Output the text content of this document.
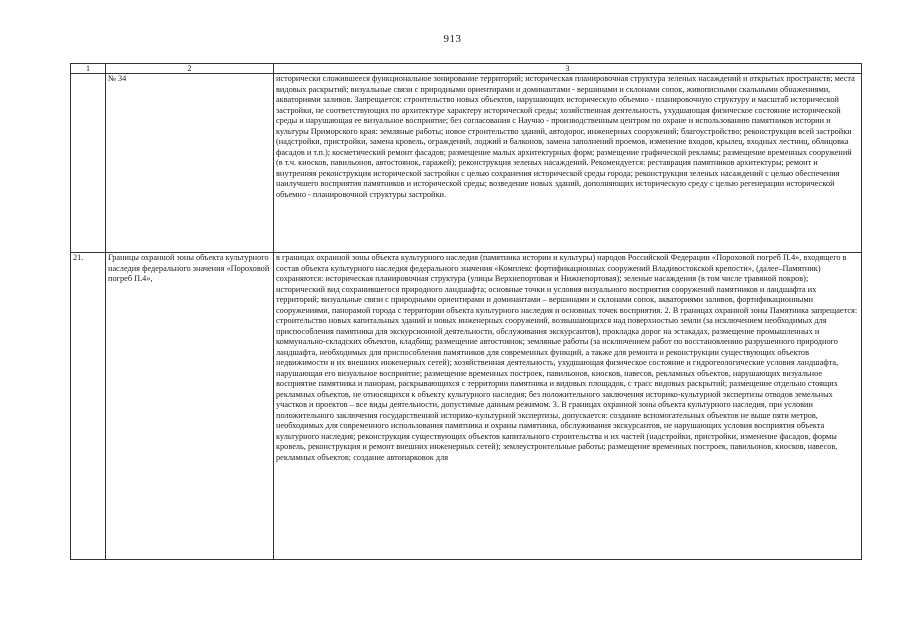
913
1	2	3
	№ 34	исторически сложившееся функциональное зонирование территорий; историческая планировочная структура зеленых насаждений и открытых пространств; места видовых раскрытий; визуальные связи с природными ориентирами и доминантами - вершинами и склонами сопок, живописными скальными обнажениями, акваториями заливов. Запрещается: строительство новых объектов, нарушающих историческую объемно - планировочную структуру и масштаб исторической застройки, не соответствующих по архитектуре характеру исторической среды; хозяйственная деятельность, ухудшающая физическое состояние исторической среды и нарушающая ее визуальное восприятие; без согласования с Научно - производственным центром по охране и использованию памятников истории и культуры Приморского края: земляные работы; новое строительство зданий, автодорог, инженерных сооружений; благоустройство; реконструкция всей застройки (надстройки, пристройки, замена кровель, ограждений, лоджий и балконов, замена заполнений проемов, изменение входов, крылец, входных лестниц, облицовка фасадов и т.п.); косметический ремонт фасадов; размещение малых архитектурных форм; размещение графической рекламы; размещение временных сооружений (в т.ч. киосков, павильонов, автостоянок, гаражей); реконструкция зеленых насаждений. Рекомендуется: реставрация памятников архитектуры; ремонт и внутренняя реконструкция исторической застройки с целью сохранения исторической среды города; реконструкция зеленых насаждений с целью обеспечения наилучшего восприятия памятников и исторической среды; возведение новых зданий, дополняющих историческую среду с целью регенерации исторической объемно - планировочной структуры застройки.

21.	Границы охранной зоны объекта культурного наследия федерального значения «Пороховой погреб П.4»,	в границах охранной зоны объекта культурного наследия (памятника истории и культуры) народов Российской Федерации «Пороховой погреб П.4», входящего в состав объекта культурного наследия федерального значения «Комплекс фортификационных сооружений Владивостокской крепости», (далее–Памятник) сохраняются: историческая планировочная структура (улицы Верхнепортовая и Нижнепортовая); зеленые насаждения (в том числе травяной покров); исторический вид сохранившегося природного ландшафта; основные точки и условия визуального восприятия сооружений памятников и ландшафта их территорий; визуальные связи с природными ориентирами и доминантами – вершинами и склонами сопок, акваториями заливов, фортификационными сооружениями, панорамой города с территории объекта культурного наследия и основных точек восприятия. 2. В границах охранной зоны Памятника запрещается: строительство новых капитальных зданий и новых инженерных сооружений, возвышающихся над поверхностью земли (за исключением необходимых для приспособления памятника для экскурсионной деятельности, обслуживания экскурсантов), прокладка дорог на эстакадах, размещение промышленных и коммунально-складских объектов, кладбищ; размещение автостоянок; земляные работы (за исключением работ по восстановлению разрушенного природного ландшафта, необходимых для приспособления памятников для современных функций, а также для ремонта и реконструкции существующих объектов недвижимости и их внешних инженерных сетей); хозяйственная деятельность, ухудшающая физическое состояние и гидрогеологические условия ландшафта, нарушающая его визуальное восприятие; размещение временных построек, павильонов, киосков, навесов, рекламных объектов, нарушающих визуальное восприятие памятника и панорам, раскрывающихся с территории памятника и видовых площадок, с трасс видовых раскрытий; размещение отдельно стоящих рекламных объектов, не относящихся к объекту культурного наследия; без положительного заключения историко-культурной экспертизы отводов земельных участков и проектов – все виды деятельности, допустимые данным режимом. 3. В границах охранной зоны объекта культурного наследия, при условии положительного заключения государственной историко-культурной экспертизы, допускается: создание вспомогательных объектов не выше пяти метров, необходимых для современного использования памятника и охраны памятника, обслуживания экскурсантов, не нарушающих условия восприятия объекта культурного наследия; реконструкция существующих объектов капитального строительства и их частей (надстройки, пристройки, изменение фасадов, формы кровель, реконструкция и ремонт внешних инженерных сетей); землеустроительные работы; размещение временных построек, павильонов, киосков, навесов, рекламных объектов; создание автопарковок для
